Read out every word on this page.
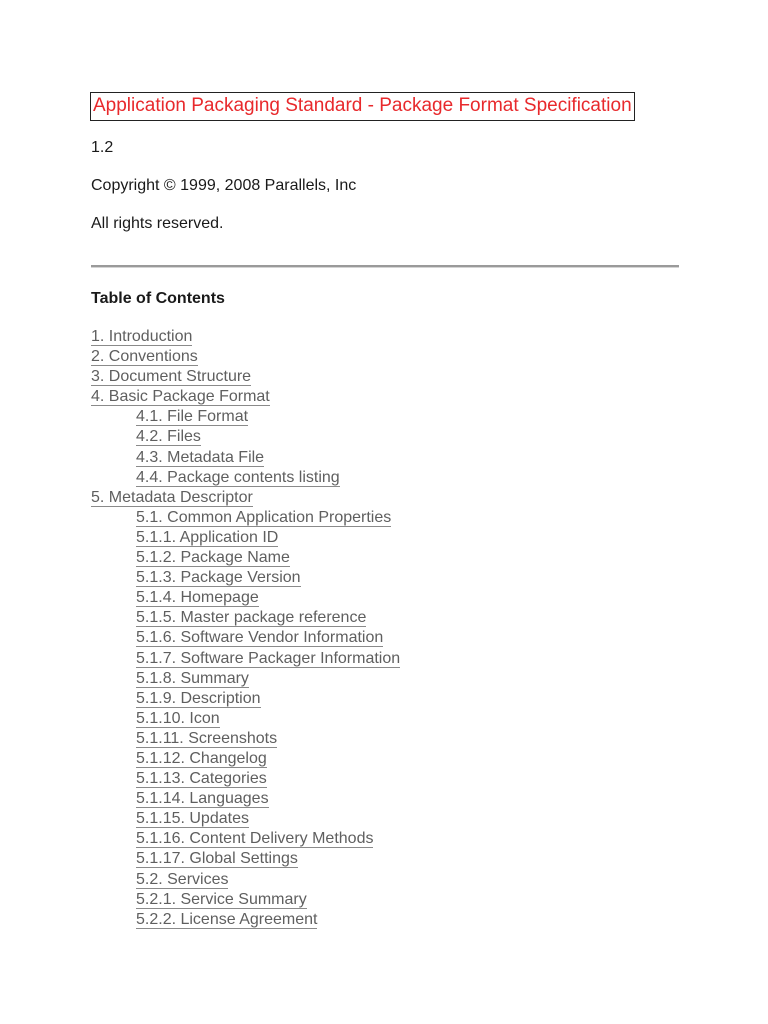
Application Packaging Standard - Package Format Specification
1.2
Copyright © 1999, 2008 Parallels, Inc
All rights reserved.
Table of Contents
1. Introduction
2. Conventions
3. Document Structure
4. Basic Package Format
4.1. File Format
4.2. Files
4.3. Metadata File
4.4. Package contents listing
5. Metadata Descriptor
5.1. Common Application Properties
5.1.1. Application ID
5.1.2. Package Name
5.1.3. Package Version
5.1.4. Homepage
5.1.5. Master package reference
5.1.6. Software Vendor Information
5.1.7. Software Packager Information
5.1.8. Summary
5.1.9. Description
5.1.10. Icon
5.1.11. Screenshots
5.1.12. Changelog
5.1.13. Categories
5.1.14. Languages
5.1.15. Updates
5.1.16. Content Delivery Methods
5.1.17. Global Settings
5.2. Services
5.2.1. Service Summary
5.2.2. License Agreement
